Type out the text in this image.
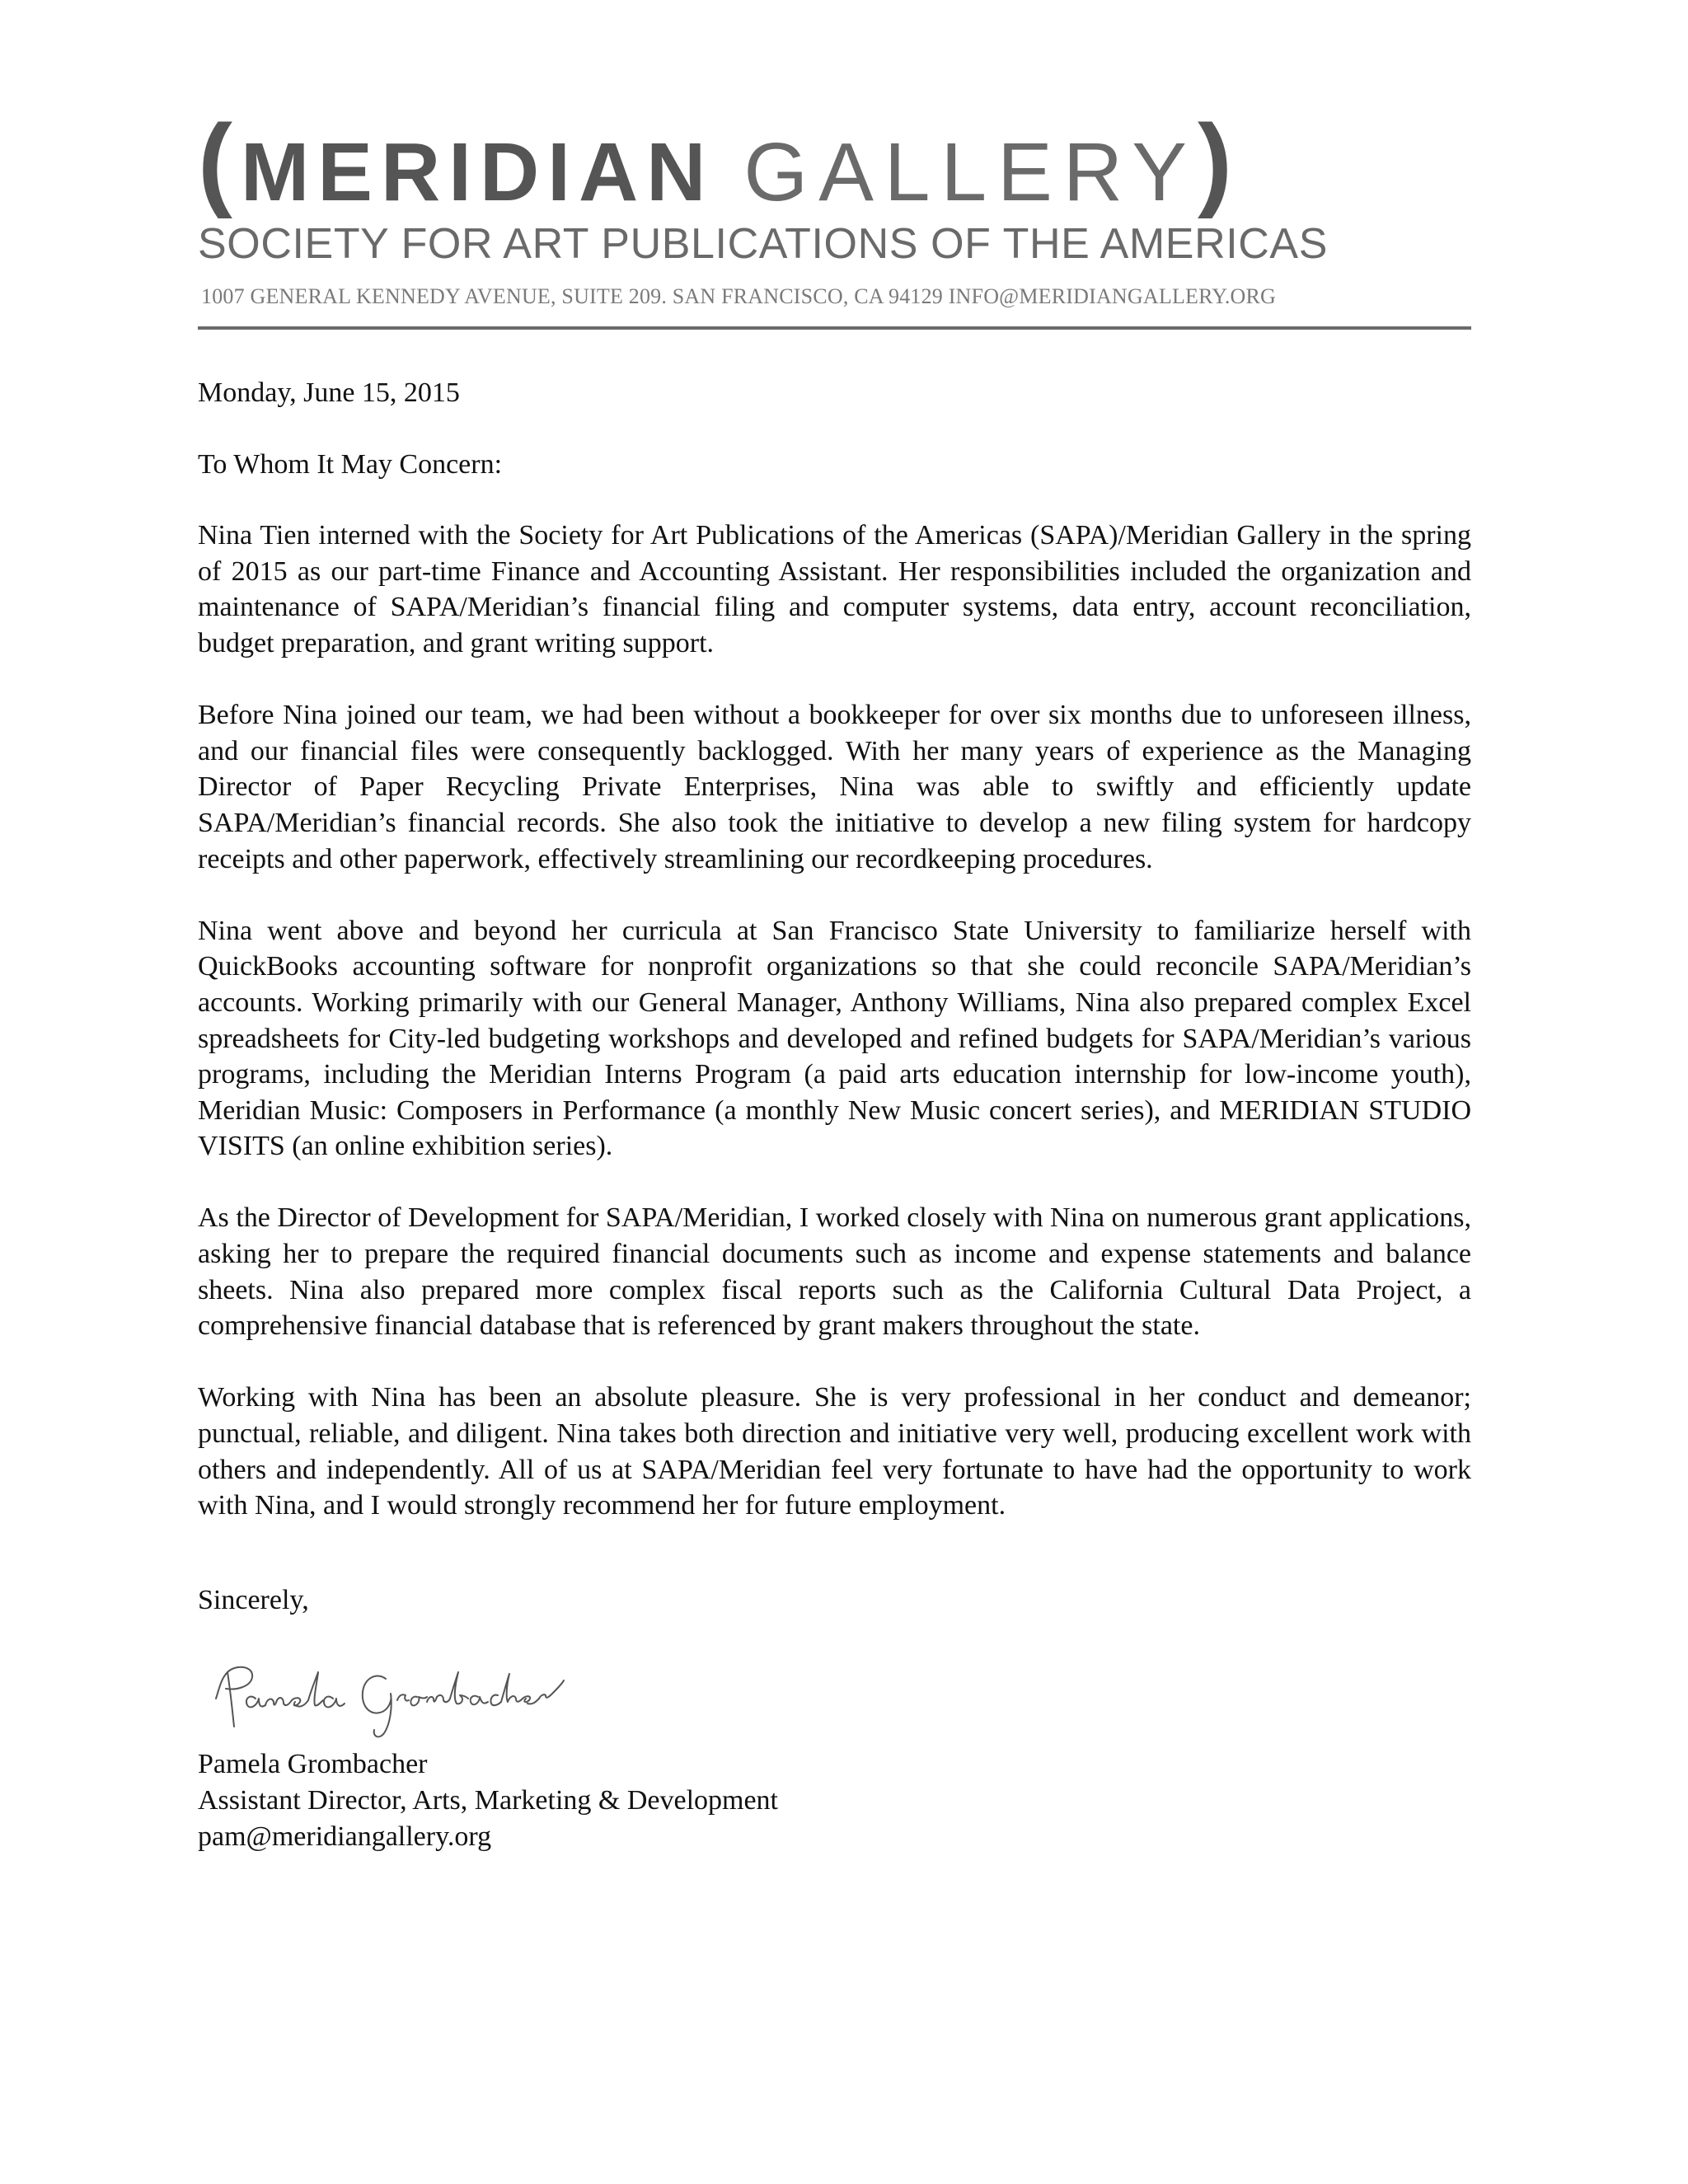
( MERIDIAN GALLERY)
SOCIETY FOR ART PUBLICATIONS OF THE AMERICAS
1007 GENERAL KENNEDY AVENUE, SUITE 209. SAN FRANCISCO, CA 94129 INFO@MERIDIANGALLERY.ORG

Monday, June 15, 2015

To Whom It May Concern:

Nina Tien interned with the Society for Art Publications of the Americas (SAPA)/Meridian Gallery in the spring of 2015 as our part-time Finance and Accounting Assistant. Her responsibilities included the organization and maintenance of SAPA/Meridian’s financial filing and computer systems, data entry, account reconciliation, budget preparation, and grant writing support.

Before Nina joined our team, we had been without a bookkeeper for over six months due to unforeseen illness, and our financial files were consequently backlogged. With her many years of experience as the Managing Director of Paper Recycling Private Enterprises, Nina was able to swiftly and efficiently update SAPA/Meridian’s financial records. She also took the initiative to develop a new filing system for hardcopy receipts and other paperwork, effectively streamlining our recordkeeping procedures.

Nina went above and beyond her curricula at San Francisco State University to familiarize herself with QuickBooks accounting software for nonprofit organizations so that she could reconcile SAPA/Meridian’s accounts. Working primarily with our General Manager, Anthony Williams, Nina also prepared complex Excel spreadsheets for City-led budgeting workshops and developed and refined budgets for SAPA/Meridian’s various programs, including the Meridian Interns Program (a paid arts education internship for low-income youth), Meridian Music: Composers in Performance (a monthly New Music concert series), and MERIDIAN STUDIO VISITS (an online exhibition series).

As the Director of Development for SAPA/Meridian, I worked closely with Nina on numerous grant applications, asking her to prepare the required financial documents such as income and expense statements and balance sheets. Nina also prepared more complex fiscal reports such as the California Cultural Data Project, a comprehensive financial database that is referenced by grant makers throughout the state.

Working with Nina has been an absolute pleasure. She is very professional in her conduct and demeanor; punctual, reliable, and diligent. Nina takes both direction and initiative very well, producing excellent work with others and independently. All of us at SAPA/Meridian feel very fortunate to have had the opportunity to work with Nina, and I would strongly recommend her for future employment.

Sincerely,

Pamela Grombacher

Assistant Director, Arts, Marketing & Development

pam@meridiangallery.org
